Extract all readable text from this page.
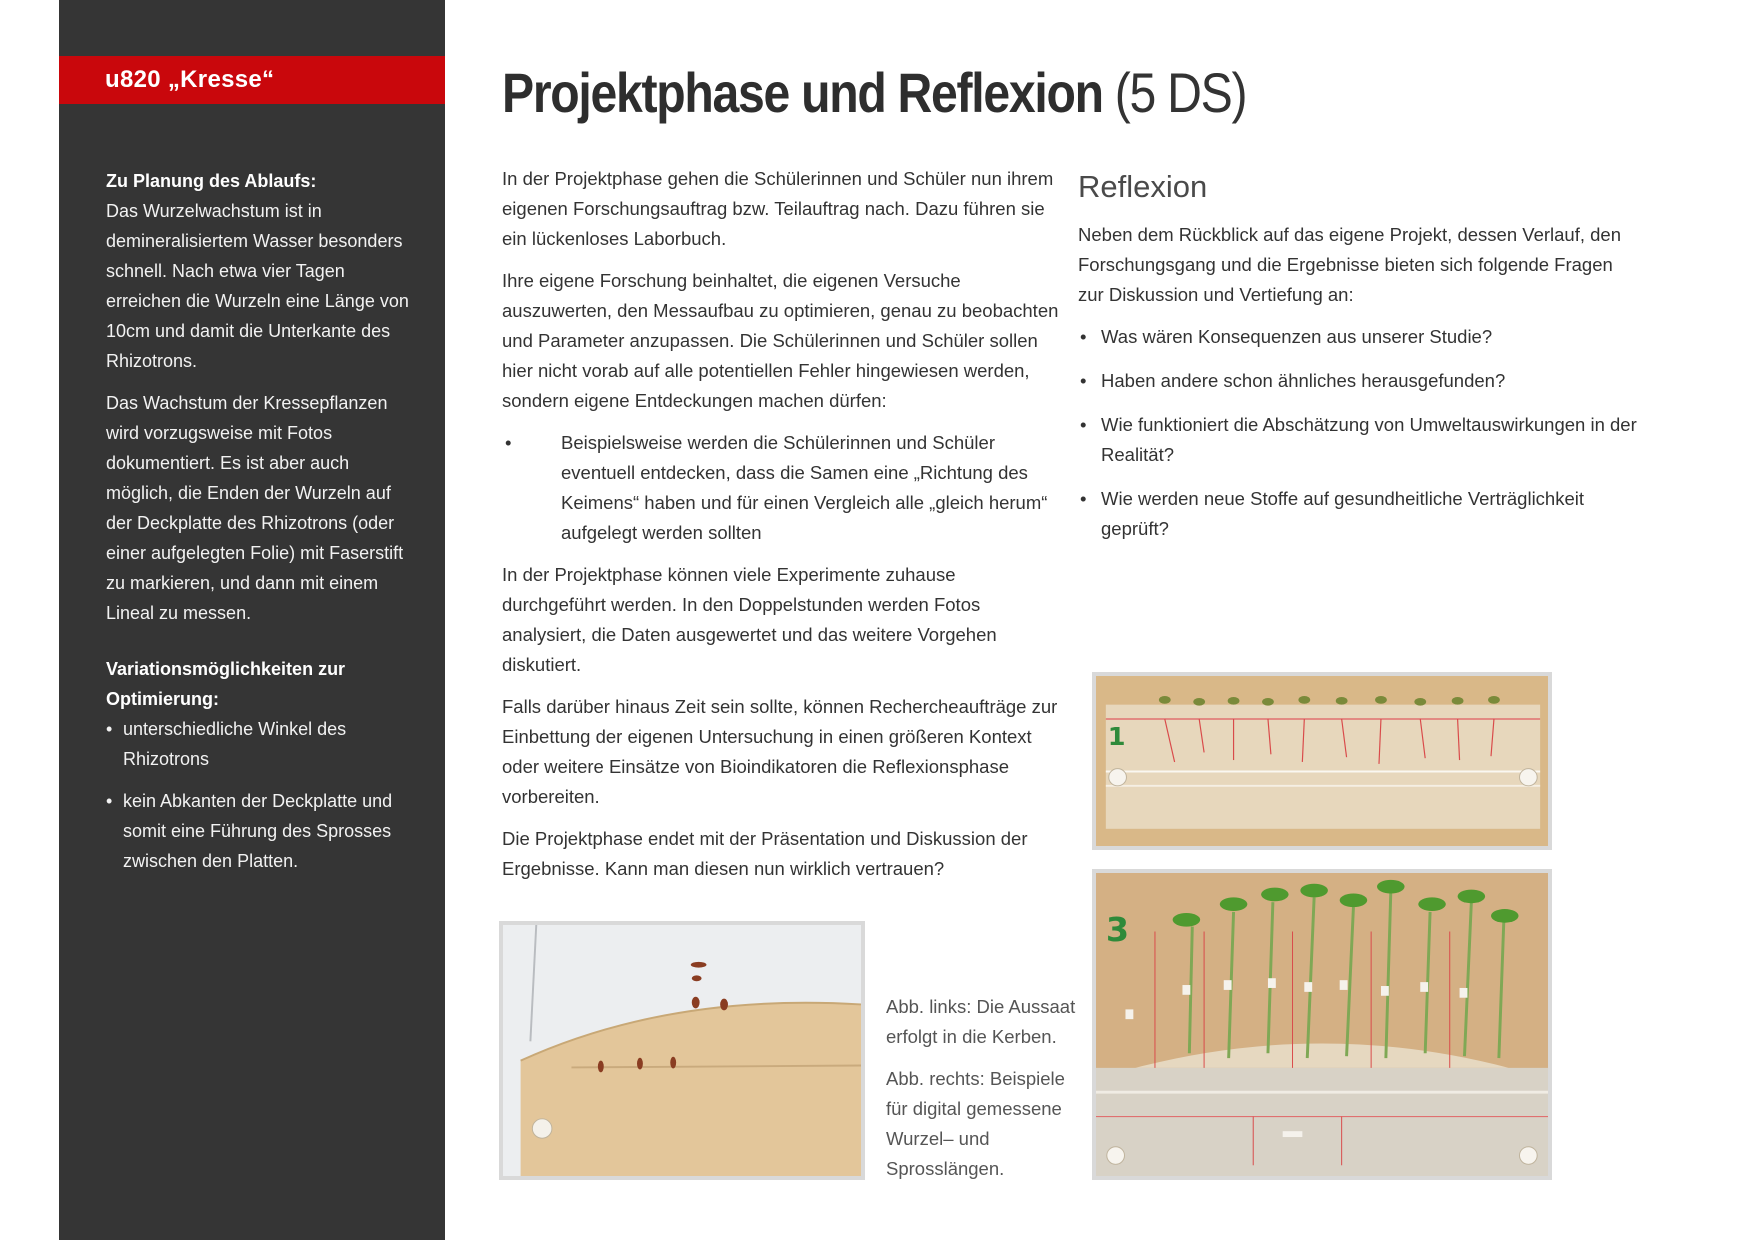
u820 „Kresse“
Zu Planung des Ablaufs:

Das Wurzelwachstum ist in demineralisiertem Wasser besonders schnell. Nach etwa vier Tagen erreichen die Wurzeln eine Länge von 10cm und damit die Unterkante des Rhizotrons.

Das Wachstum der Kressepflanzen wird vorzugsweise mit Fotos dokumentiert. Es ist aber auch möglich, die Enden der Wurzeln auf der Deckplatte des Rhizotrons (oder einer aufgelegten Folie) mit Faserstift zu markieren, und dann mit einem Lineal zu messen.

Variationsmöglichkeiten zur Optimierung:
• unterschiedliche Winkel des Rhizotrons
• kein Abkanten der Deckplatte und somit eine Führung des Sprosses zwischen den Platten.
Projektphase und Reflexion (5 DS)

In der Projektphase gehen die Schülerinnen und Schüler nun ihrem eigenen Forschungsauftrag bzw. Teilauftrag nach. Dazu führen sie ein lückenloses Laborbuch.

Ihre eigene Forschung beinhaltet, die eigenen Versuche auszuwerten, den Messaufbau zu optimieren, genau zu beobachten und Parameter anzupassen. Die Schülerinnen und Schüler sollen hier nicht vorab auf alle potentiellen Fehler hingewiesen werden, sondern eigene Entdeckungen machen dürfen:

•	Beispielsweise werden die Schülerinnen und Schüler eventuell entdecken, dass die Samen eine „Richtung des Keimens“ haben und für einen Vergleich alle „gleich herum“ aufgelegt werden sollten

In der Projektphase können viele Experimente zuhause durchgeführt werden. In den Doppelstunden werden Fotos analysiert, die Daten ausgewertet und das weitere Vorgehen diskutiert.

Falls darüber hinaus Zeit sein sollte, können Rechercheaufträge zur Einbettung der eigenen Untersuchung in einen größeren Kontext oder weitere Einsätze von Bioindikatoren die Reflexionsphase vorbereiten.

Die Projektphase endet mit der Präsentation und Diskussion der Ergebnisse. Kann man diesen nun wirklich vertrauen?

Reflexion

Neben dem Rückblick auf das eigene Projekt, dessen Verlauf, den Forschungsgang und die Ergebnisse bieten sich folgende Fragen zur Diskussion und Vertiefung an:

• Was wären Konsequenzen aus unserer Studie?
• Haben andere schon ähnliches herausgefunden?
• Wie funktioniert die Abschätzung von Umweltauswirkungen in der Realität?
• Wie werden neue Stoffe auf gesundheitliche Verträglichkeit geprüft?
1
3

Abb. links: Die Aussaat erfolgt in die Kerben.

Abb. rechts: Beispiele für digital gemessene Wurzel– und Sprosslängen.
